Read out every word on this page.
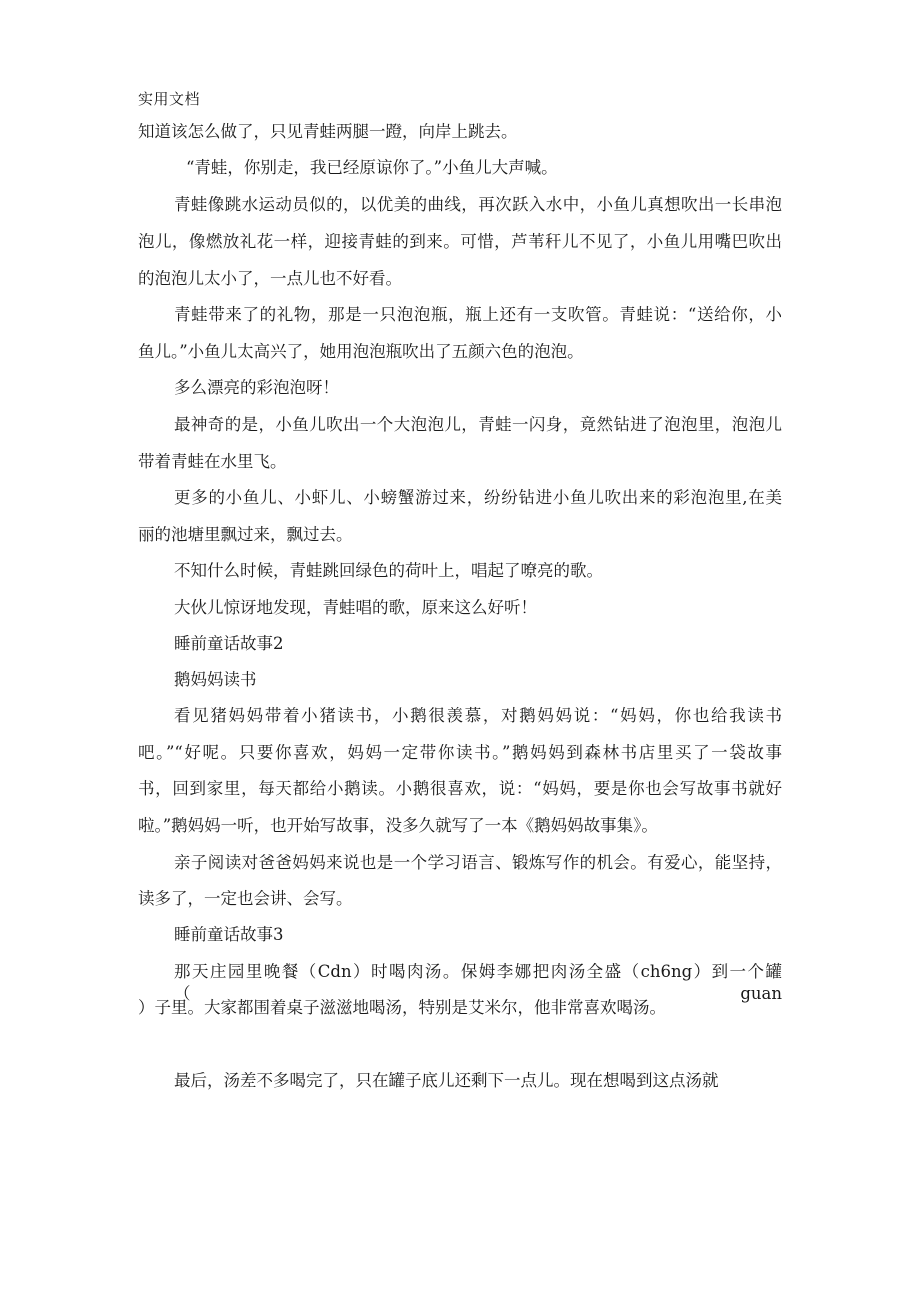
实用文档
知道该怎么做了，只见青蛙两腿一蹬，向岸上跳去。
“青蛙，你别走，我已经原谅你了。”小鱼儿大声喊。
青蛙像跳水运动员似的，以优美的曲线，再次跃入水中，小鱼儿真想吹出一长串泡
泡儿，像燃放礼花一样，迎接青蛙的到来。可惜，芦苇秆儿不见了，小鱼儿用嘴巴吹出
的泡泡儿太小了，一点儿也不好看。
青蛙带来了的礼物，那是一只泡泡瓶，瓶上还有一支吹管。青蛙说：“送给你，小
鱼儿。”小鱼儿太高兴了，她用泡泡瓶吹出了五颜六色的泡泡。
多么漂亮的彩泡泡呀！
最神奇的是，小鱼儿吹出一个大泡泡儿，青蛙一闪身，竟然钻进了泡泡里，泡泡儿
带着青蛙在水里飞。
更多的小鱼儿、小虾儿、小螃蟹游过来，纷纷钻进小鱼儿吹出来的彩泡泡里,在美
丽的池塘里飘过来，飘过去。
不知什么时候，青蛙跳回绿色的荷叶上，唱起了嘹亮的歌。
大伙儿惊讶地发现，青蛙唱的歌，原来这么好听！
睡前童话故事2
鹅妈妈读书
看见猪妈妈带着小猪读书，小鹅很羡慕，对鹅妈妈说：“妈妈，你也给我读书
吧。”“好呢。只要你喜欢，妈妈一定带你读书。”鹅妈妈到森林书店里买了一袋故事
书，回到家里，每天都给小鹅读。小鹅很喜欢，说：“妈妈，要是你也会写故事书就好
啦。”鹅妈妈一听，也开始写故事，没多久就写了一本《鹅妈妈故事集》。
亲子阅读对爸爸妈妈来说也是一个学习语言、锻炼写作的机会。有爱心，能坚持，
读多了，一定也会讲、会写。
睡前童话故事3
那天庄园里晚餐（Cdn）时喝肉汤。保姆李娜把肉汤全盛（ch6ng）到一个罐（guan
）子里。大家都围着桌子滋滋地喝汤，特别是艾米尔，他非常喜欢喝汤。
最后，汤差不多喝完了，只在罐子底儿还剩下一点儿。现在想喝到这点汤就
